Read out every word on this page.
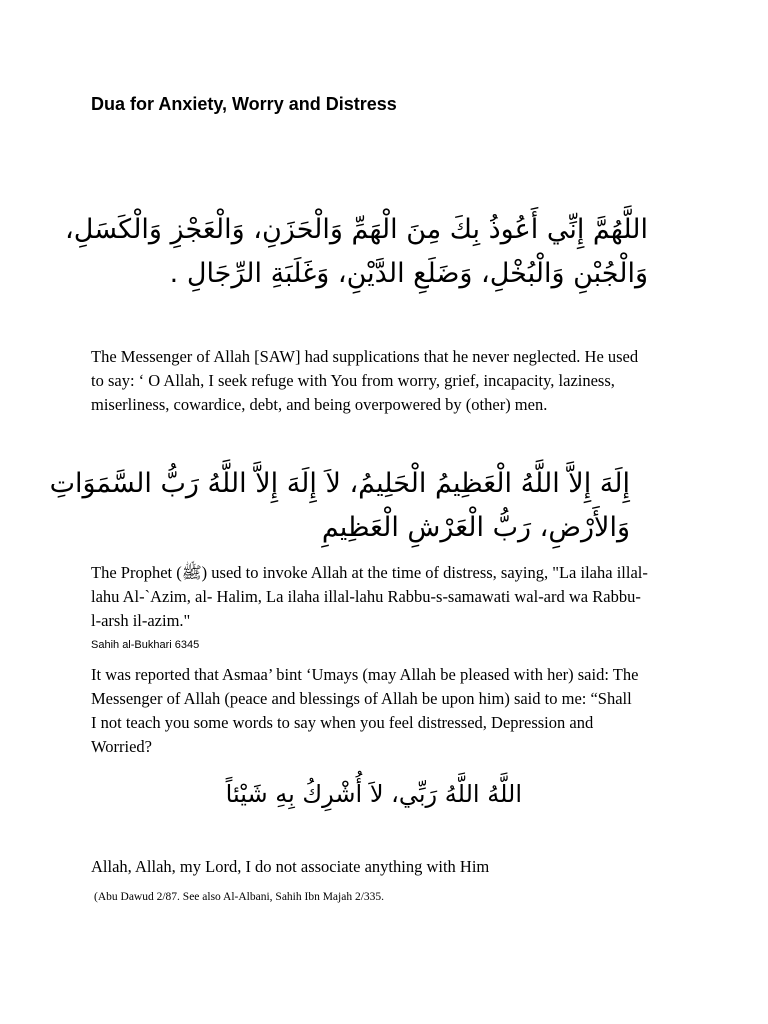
Dua for Anxiety, Worry and Distress
اللَّهُمَّ إِنِّي أَعُوذُ بِكَ مِنَ الْهَمِّ وَالْحَزَنِ، وَالْعَجْزِ وَالْكَسَلِ،
وَالْجُبْنِ وَالْبُخْلِ، وَضَلَعِ الدَّيْنِ، وَغَلَبَةِ الرِّجَالِ .
The Messenger of Allah [SAW] had supplications that he never neglected. He used
to say: ‘ O Allah, I seek refuge with You from worry, grief, incapacity, laziness,
miserliness, cowardice, debt, and being overpowered by (other) men.
إِلَهَ إِلاَّ اللَّهُ الْعَظِيمُ الْحَلِيمُ، لاَ إِلَهَ إِلاَّ اللَّهُ رَبُّ السَّمَوَاتِ
وَالأَرْضِ، رَبُّ الْعَرْشِ الْعَظِيمِ
The Prophet (ﷺ) used to invoke Allah at the time of distress, saying, "La ilaha illal-
lahu Al-`Azim, al- Halim, La ilaha illal-lahu Rabbu-s-samawati wal-ard wa Rabbu-
l-arsh il-azim."
Sahih al-Bukhari 6345
It was reported that Asmaa’ bint ‘Umays (may Allah be pleased with her) said: The
Messenger of Allah (peace and blessings of Allah be upon him) said to me: “Shall
I not teach you some words to say when you feel distressed, Depression and
Worried?
اللَّهُ اللَّهُ رَبِّي، لاَ أُشْرِكُ بِهِ شَيْئاً
Allah, Allah, my Lord, I do not associate anything with Him
(Abu Dawud 2/87. See also Al-Albani, Sahih Ibn Majah 2/335.
